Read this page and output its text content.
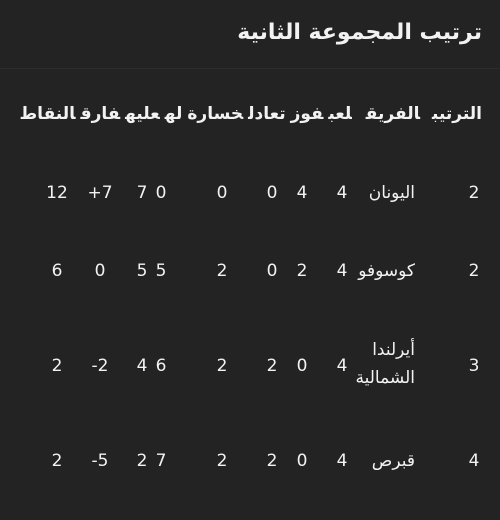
ترتيب المجموعة الثانية
الترتيبالفريقلعبفوزتعادلخسارةلهعليهفارقالنقاط
2
اليونان
4
4
0
0
7 0
+7
12
2
كوسوفو
4
2
0
2
5 5
0
6
3
أيرلندا
الشمالية
4
0
2
2
4 6
-2
2
4
قبرص
4
0
2
2
2 7
-5
2
